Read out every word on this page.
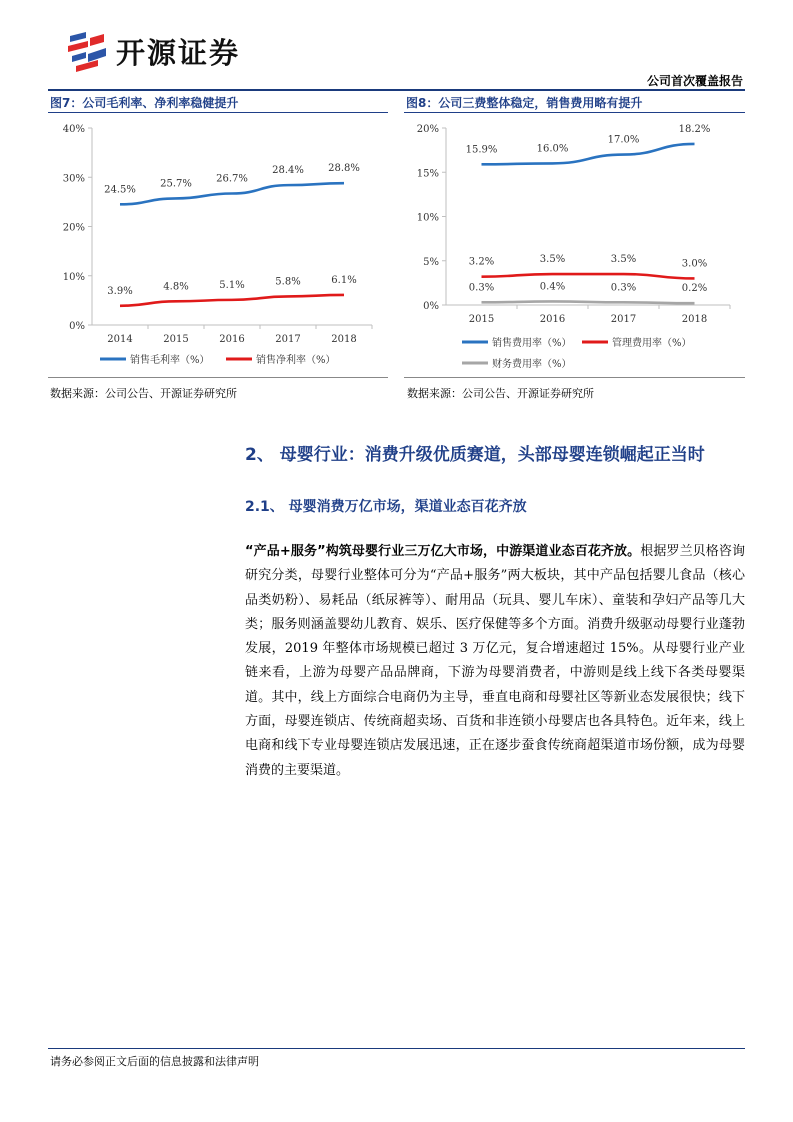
开源证券
公司首次覆盖报告
图7：公司毛利率、净利率稳健提升
0%
10%
20%
30%
40%
2014	2015	2016	2017	2018
24.5%
25.7% 26.7%
28.4% 28.8%
3.9%	4.8%	5.1%	5.8%	6.1%
销售毛利率（%）	销售净利率（%）
数据来源：公司公告、开源证券研究所
图8：公司三费整体稳定，销售费用略有提升
0%
5%
10%
15%
20%
2015	2016	2017	2018
15.9%	16.0%
17.0%
18.2%
3.2%	3.5%	3.5%	3.0%
0.3%	0.4%	0.3%	0.2%
销售费用率（%）	管理费用率（%）
财务费用率（%）
数据来源：公司公告、开源证券研究所
2、 母婴行业：消费升级优质赛道，头部母婴连锁崛起正当时
2.1、 母婴消费万亿市场，渠道业态百花齐放
“产品+服务”构筑母婴行业三万亿大市场，中游渠道业态百花齐放。根据罗兰贝格咨询研究分类，母婴行业整体可分为“产品+服务”两大板块，其中产品包括婴儿食品（核心品类奶粉）、易耗品（纸尿裤等）、耐用品（玩具、婴儿车床）、童装和孕妇产品等几大类；服务则涵盖婴幼儿教育、娱乐、医疗保健等多个方面。消费升级驱动母婴行业蓬勃发展，2019 年整体市场规模已超过 3 万亿元，复合增速超过 15%。从母婴行业产业链来看，上游为母婴产品品牌商，下游为母婴消费者，中游则是线上线下各类母婴渠道。其中，线上方面综合电商仍为主导，垂直电商和母婴社区等新业态发展很快；线下方面，母婴连锁店、传统商超卖场、百货和非连锁小母婴店也各具特色。近年来，线上电商和线下专业母婴连锁店发展迅速，正在逐步蚕食传统商超渠道市场份额，成为母婴消费的主要渠道。
请务必参阅正文后面的信息披露和法律声明
